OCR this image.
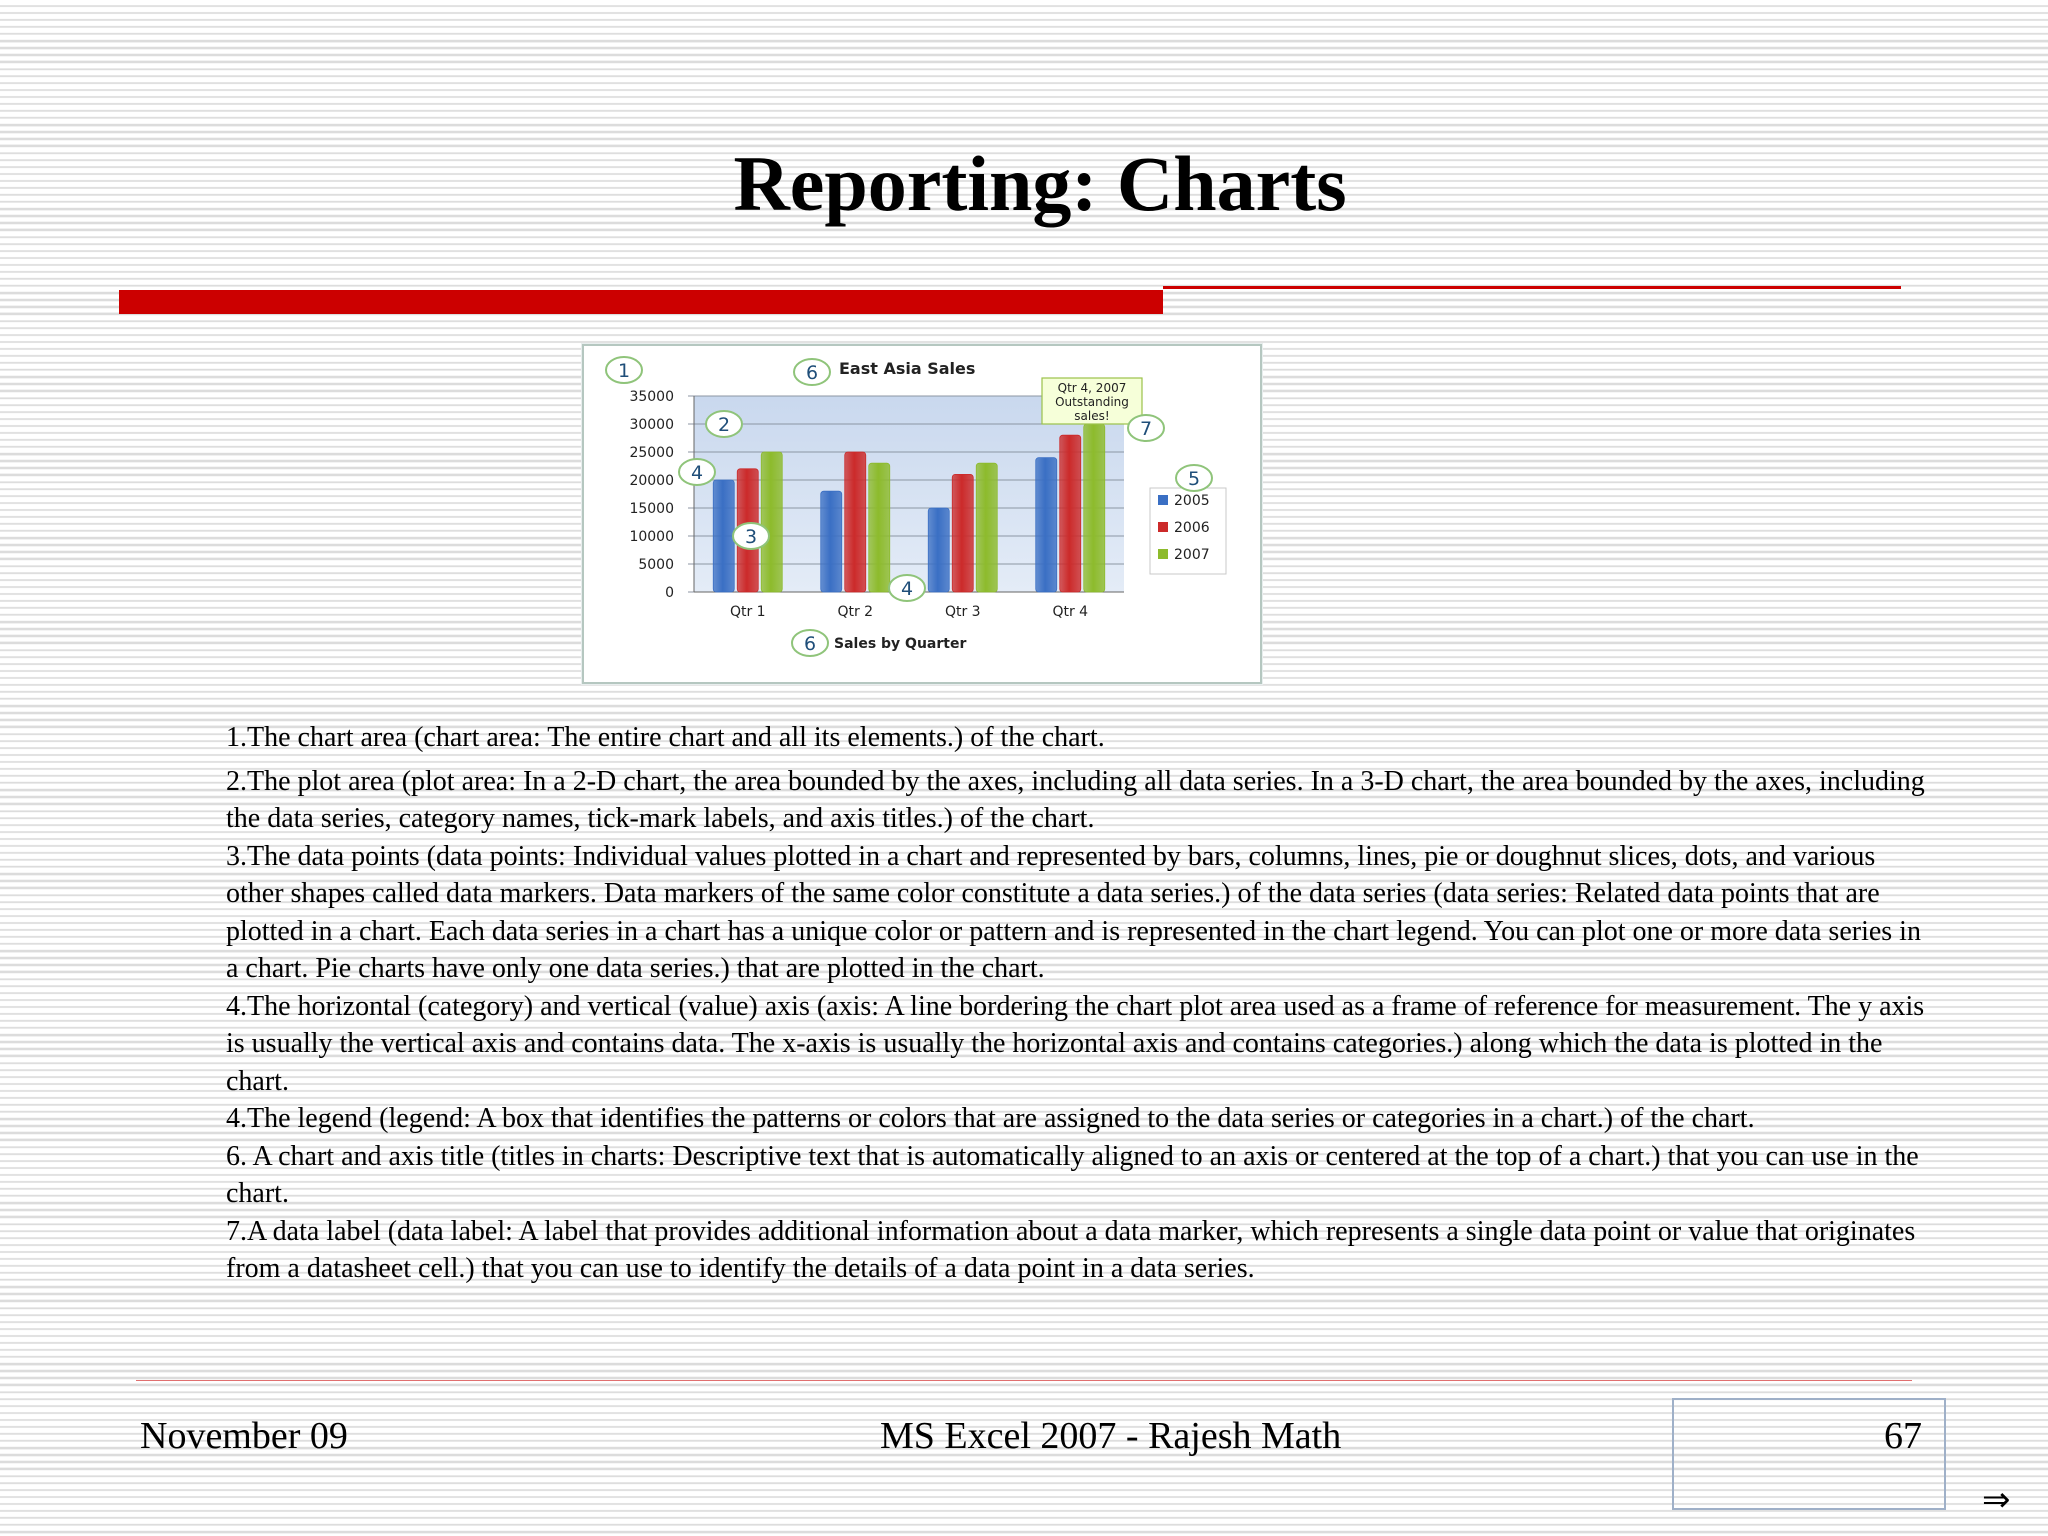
Reporting: Charts
35000
30000
25000
20000
15000
10000
5000
0
Qtr 1	Qtr 2	Qtr 3	Qtr 4
East Asia Sales
Sales by Quarter
2005
2006
2007
Qtr 4, 2007
Outstanding
sales!
1
2
3
4
4
5
6
6
7

1.The chart area (chart area: The entire chart and all its elements.) of the chart.

2.The plot area (plot area: In a 2-D chart, the area bounded by the axes, including all data series. In a 3-D chart, the area bounded by the axes, including the data series, category names, tick-mark labels, and axis titles.) of the chart.

3.The data points (data points: Individual values plotted in a chart and represented by bars, columns, lines, pie or doughnut slices, dots, and various other shapes called data markers. Data markers of the same color constitute a data series.) of the data series (data series: Related data points that are plotted in a chart. Each data series in a chart has a unique color or pattern and is represented in the chart legend. You can plot one or more data series in a chart. Pie charts have only one data series.) that are plotted in the chart.

4.The horizontal (category) and vertical (value) axis (axis: A line bordering the chart plot area used as a frame of reference for measurement. The y axis is usually the vertical axis and contains data. The x-axis is usually the horizontal axis and contains categories.) along which the data is plotted in the chart.

4.The legend (legend: A box that identifies the patterns or colors that are assigned to the data series or categories in a chart.) of the chart.

6. A chart and axis title (titles in charts: Descriptive text that is automatically aligned to an axis or centered at the top of a chart.) that you can use in the chart.

7.A data label (data label: A label that provides additional information about a data marker, which represents a single data point or value that originates from a datasheet cell.) that you can use to identify the details of a data point in a data series.

November 09	MS Excel 2007 - Rajesh Math	67
⇒
